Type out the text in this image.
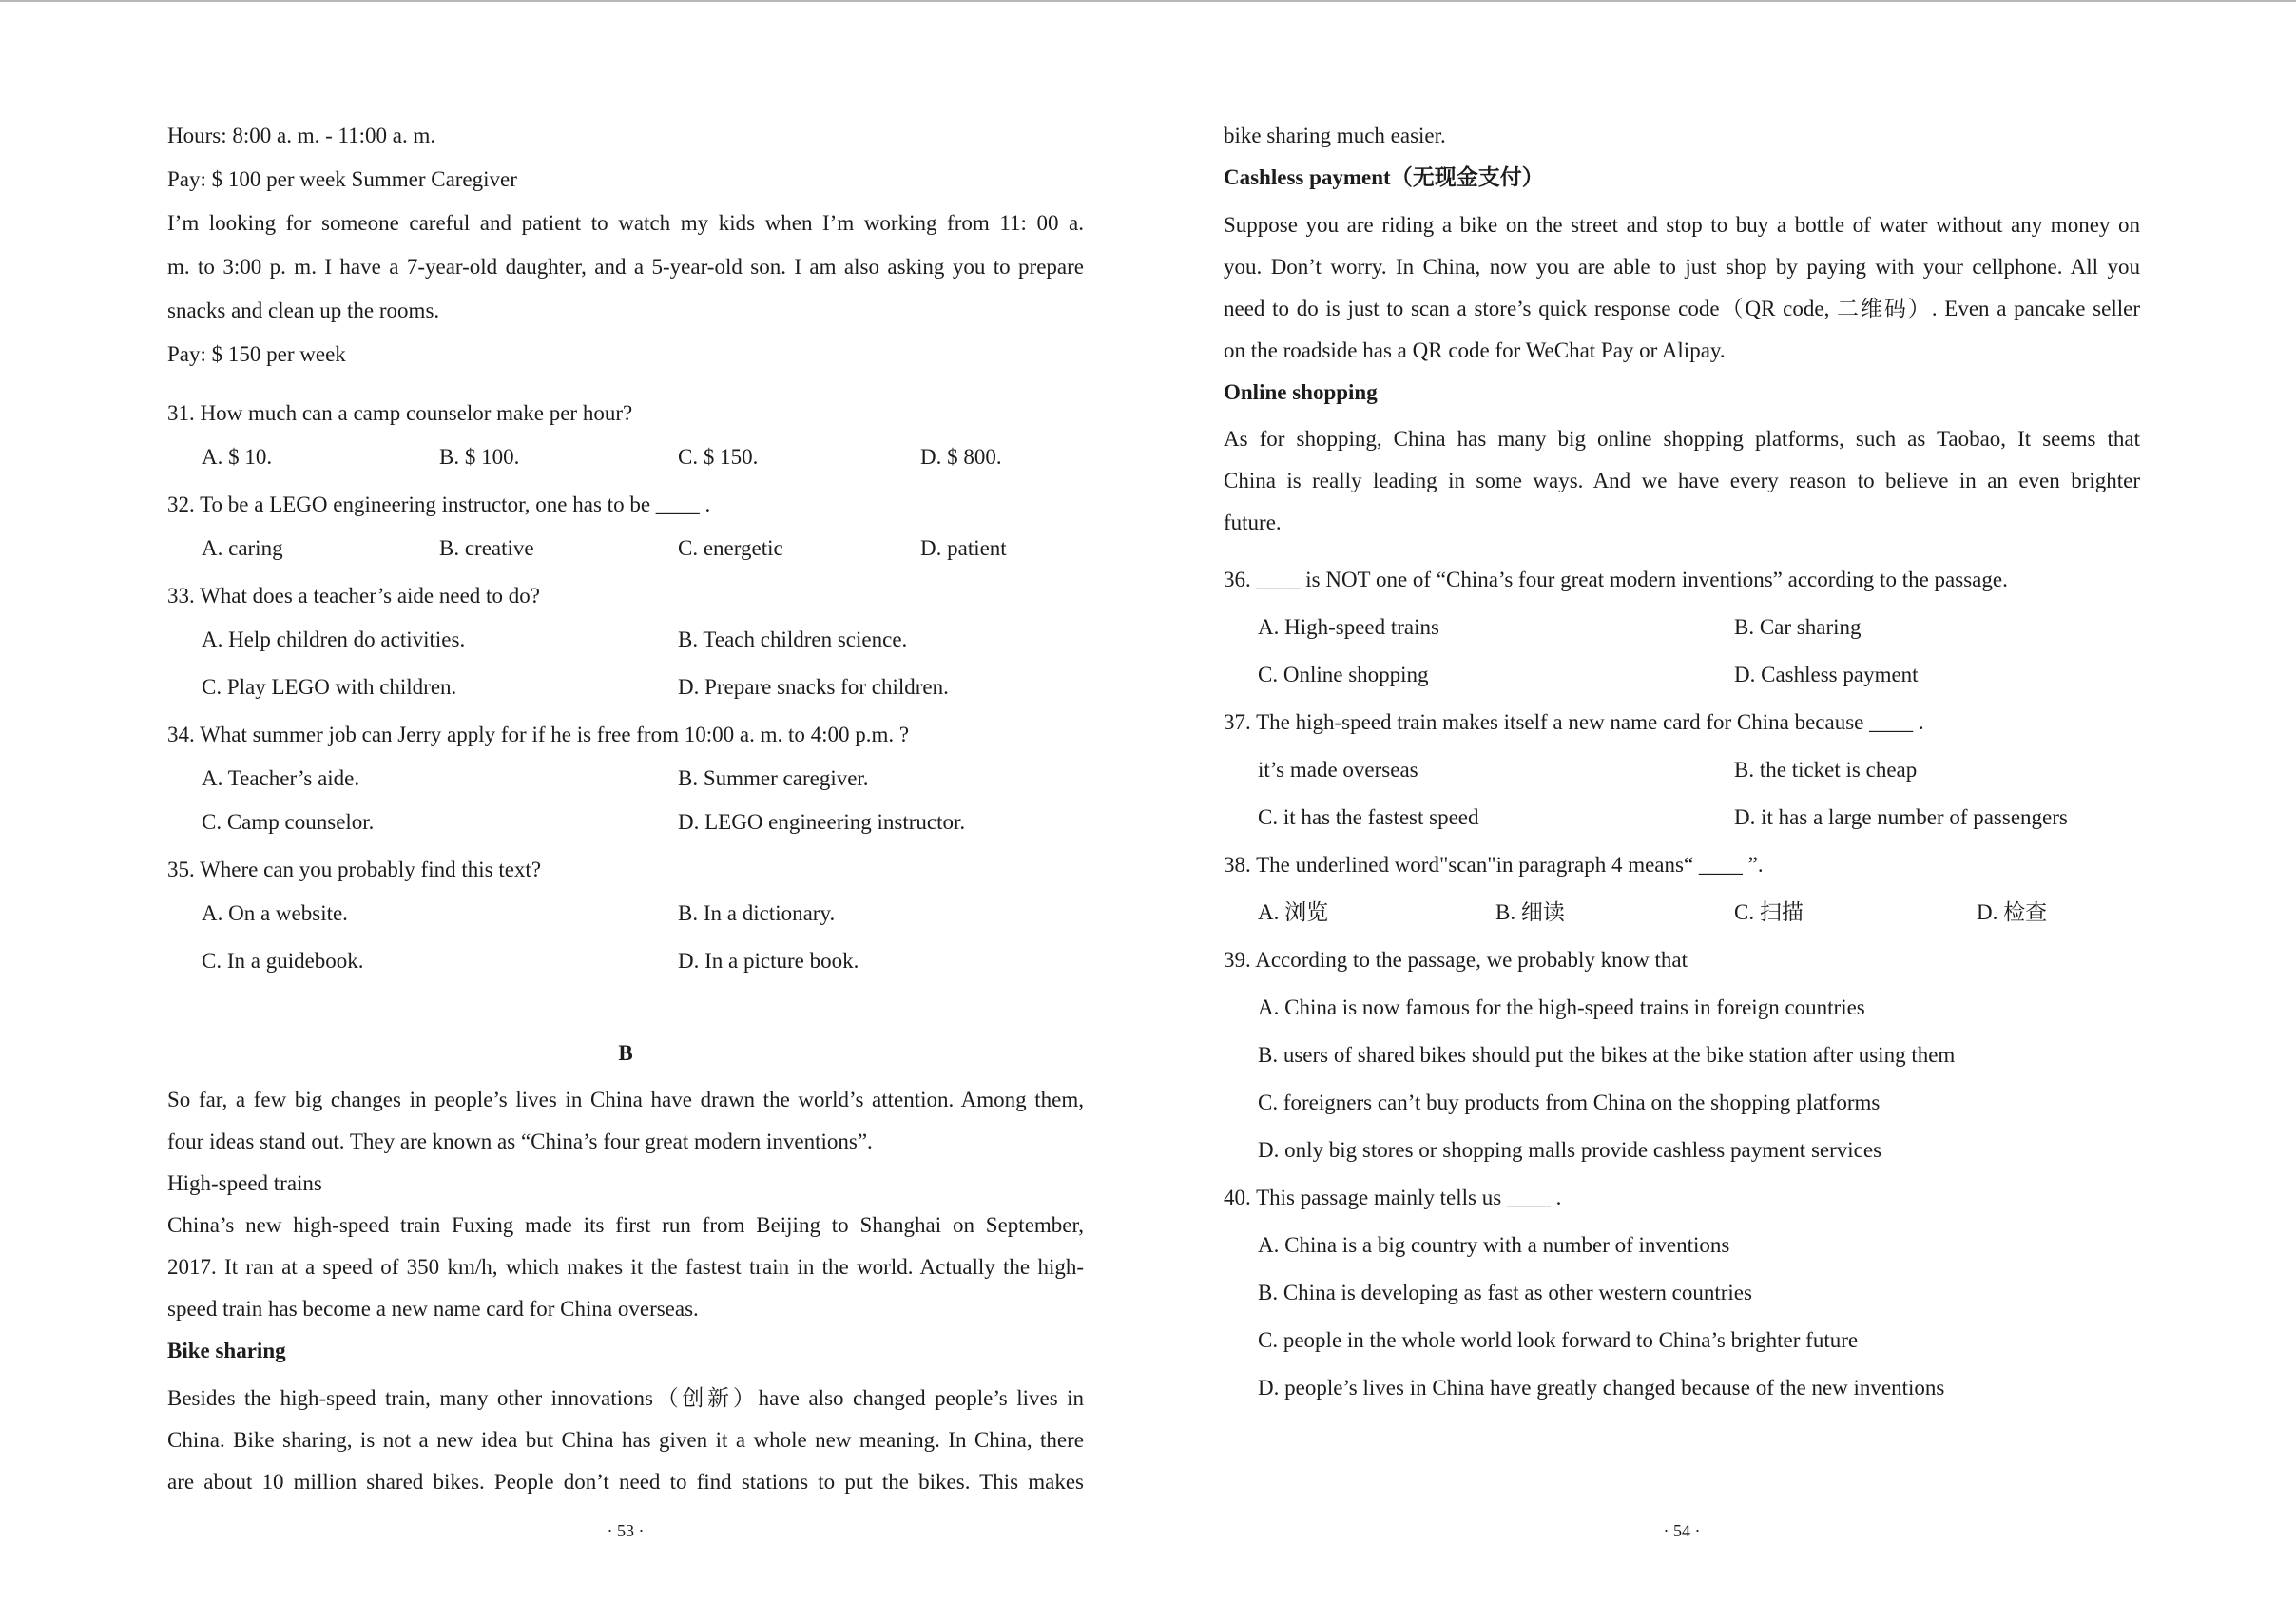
Hours: 8:00 a. m. - 11:00 a. m.
Pay: $ 100 per week Summer Caregiver
I’m looking for someone careful and patient to watch my kids when I’m working from 11: 00 a.
m. to 3:00 p. m. I have a 7-year-old daughter, and a 5-year-old son. I am also asking you to prepare
snacks and clean up the rooms.
Pay: $ 150 per week
31. How much can a camp counselor make per hour?
A. $ 10.	B. $ 100.	C. $ 150.	D. $ 800.
32. To be a LEGO engineering instructor, one has to be ____ .
A. caring	B. creative	C. energetic	D. patient
33. What does a teacher’s aide need to do?
A. Help children do activities.	B. Teach children science.
C. Play LEGO with children.	D. Prepare snacks for children.
34. What summer job can Jerry apply for if he is free from 10:00 a. m. to 4:00 p.m. ?
A. Teacher’s aide.	B. Summer caregiver.
C. Camp counselor.	D. LEGO engineering instructor.
35. Where can you probably find this text?
A. On a website.	B. In a dictionary.
C. In a guidebook.	D. In a picture book.
B
So far, a few big changes in people’s lives in China have drawn the world’s attention. Among them,
four ideas stand out. They are known as “China’s four great modern inventions”.
High-speed trains
China’s new high-speed train Fuxing made its first run from Beijing to Shanghai on September,
2017. It ran at a speed of 350 km/h, which makes it the fastest train in the world. Actually the high-
speed train has become a new name card for China overseas.
Bike sharing
Besides the high-speed train, many other innovations（创新）have also changed people’s lives in
China. Bike sharing, is not a new idea but China has given it a whole new meaning. In China, there
are about 10 million shared bikes. People don’t need to find stations to put the bikes. This makes
· 53 ·
bike sharing much easier.
Cashless payment（无现金支付）
Suppose you are riding a bike on the street and stop to buy a bottle of water without any money on
you. Don’t worry. In China, now you are able to just shop by paying with your cellphone. All you
need to do is just to scan a store’s quick response code（QR code, 二维码）. Even a pancake seller
on the roadside has a QR code for WeChat Pay or Alipay.
Online shopping
As for shopping, China has many big online shopping platforms, such as Taobao, It seems that
China is really leading in some ways. And we have every reason to believe in an even brighter
future.
36. ____ is NOT one of “China’s four great modern inventions” according to the passage.
A. High-speed trains	B. Car sharing
C. Online shopping	D. Cashless payment
37. The high-speed train makes itself a new name card for China because ____ .
it’s made overseas	B. the ticket is cheap
C. it has the fastest speed	D. it has a large number of passengers
38. The underlined word"scan"in paragraph 4 means“ ____ ”.
A. 浏览	B. 细读	C. 扫描	D. 检查
39. According to the passage, we probably know that
A. China is now famous for the high-speed trains in foreign countries
B. users of shared bikes should put the bikes at the bike station after using them
C. foreigners can’t buy products from China on the shopping platforms
D. only big stores or shopping malls provide cashless payment services
40. This passage mainly tells us ____ .
A. China is a big country with a number of inventions
B. China is developing as fast as other western countries
C. people in the whole world look forward to China’s brighter future
D. people’s lives in China have greatly changed because of the new inventions
· 54 ·
